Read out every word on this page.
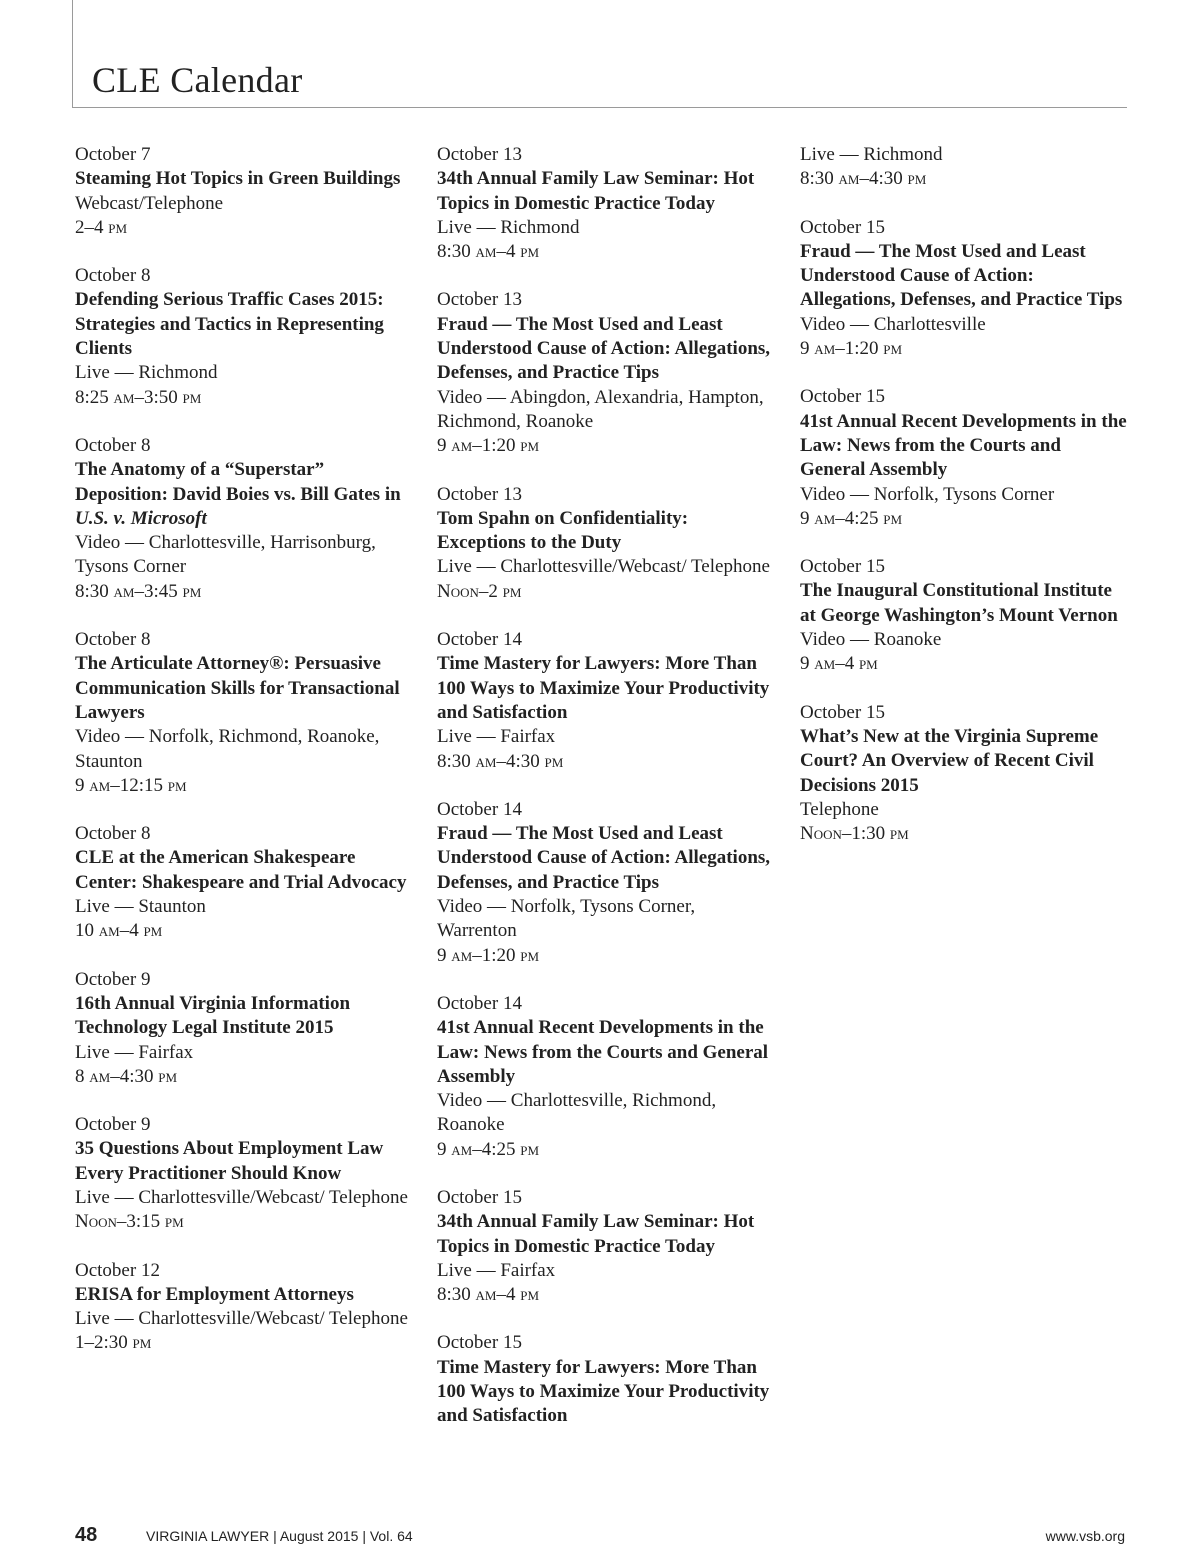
CLE Calendar
October 7
Steaming Hot Topics in Green Buildings
Webcast/Telephone
2–4 pm
October 8
Defending Serious Traffic Cases 2015: Strategies and Tactics in Representing Clients
Live — Richmond
8:25 am–3:50 pm
October 8
The Anatomy of a “Superstar” Deposition: David Boies vs. Bill Gates in U.S. v. Microsoft
Video — Charlottesville, Harrisonburg, Tysons Corner
8:30 am–3:45 pm
October 8
The Articulate Attorney®: Persuasive Communication Skills for Transactional Lawyers
Video — Norfolk, Richmond, Roanoke, Staunton
9 am–12:15 pm
October 8
CLE at the American Shakespeare Center: Shakespeare and Trial Advocacy
Live — Staunton
10 am–4 pm
October 9
16th Annual Virginia Information Technology Legal Institute 2015
Live — Fairfax
8 am–4:30 pm
October 9
35 Questions About Employment Law Every Practitioner Should Know
Live — Charlottesville/Webcast/ Telephone
Noon–3:15 pm
October 12
ERISA for Employment Attorneys
Live — Charlottesville/Webcast/ Telephone
1–2:30 pm
October 13
34th Annual Family Law Seminar: Hot Topics in Domestic Practice Today
Live — Richmond
8:30 am–4 pm
October 13
Fraud — The Most Used and Least Understood Cause of Action: Allegations, Defenses, and Practice Tips
Video — Abingdon, Alexandria, Hampton, Richmond, Roanoke
9 am–1:20 pm
October 13
Tom Spahn on Confidentiality: Exceptions to the Duty
Live — Charlottesville/Webcast/ Telephone
Noon–2 pm
October 14
Time Mastery for Lawyers: More Than 100 Ways to Maximize Your Productivity and Satisfaction
Live — Fairfax
8:30 am–4:30 pm
October 14
Fraud — The Most Used and Least Understood Cause of Action: Allegations, Defenses, and Practice Tips
Video — Norfolk, Tysons Corner, Warrenton
9 am–1:20 pm
October 14
41st Annual Recent Developments in the Law: News from the Courts and General Assembly
Video — Charlottesville, Richmond, Roanoke
9 am–4:25 pm
October 15
34th Annual Family Law Seminar: Hot Topics in Domestic Practice Today
Live — Fairfax
8:30 am–4 pm
October 15
Time Mastery for Lawyers: More Than 100 Ways to Maximize Your Productivity and Satisfaction
Live — Richmond
8:30 am–4:30 pm
October 15
Fraud — The Most Used and Least Understood Cause of Action: Allegations, Defenses, and Practice Tips
Video — Charlottesville
9 am–1:20 pm
October 15
41st Annual Recent Developments in the Law: News from the Courts and General Assembly
Video — Norfolk, Tysons Corner
9 am–4:25 pm
October 15
The Inaugural Constitutional Institute at George Washington’s Mount Vernon
Video — Roanoke
9 am–4 pm
October 15
What’s New at the Virginia Supreme Court? An Overview of Recent Civil Decisions 2015
Telephone
Noon–1:30 pm
48	VIRGINIA LAWYER | August 2015 | Vol. 64	www.vsb.org
